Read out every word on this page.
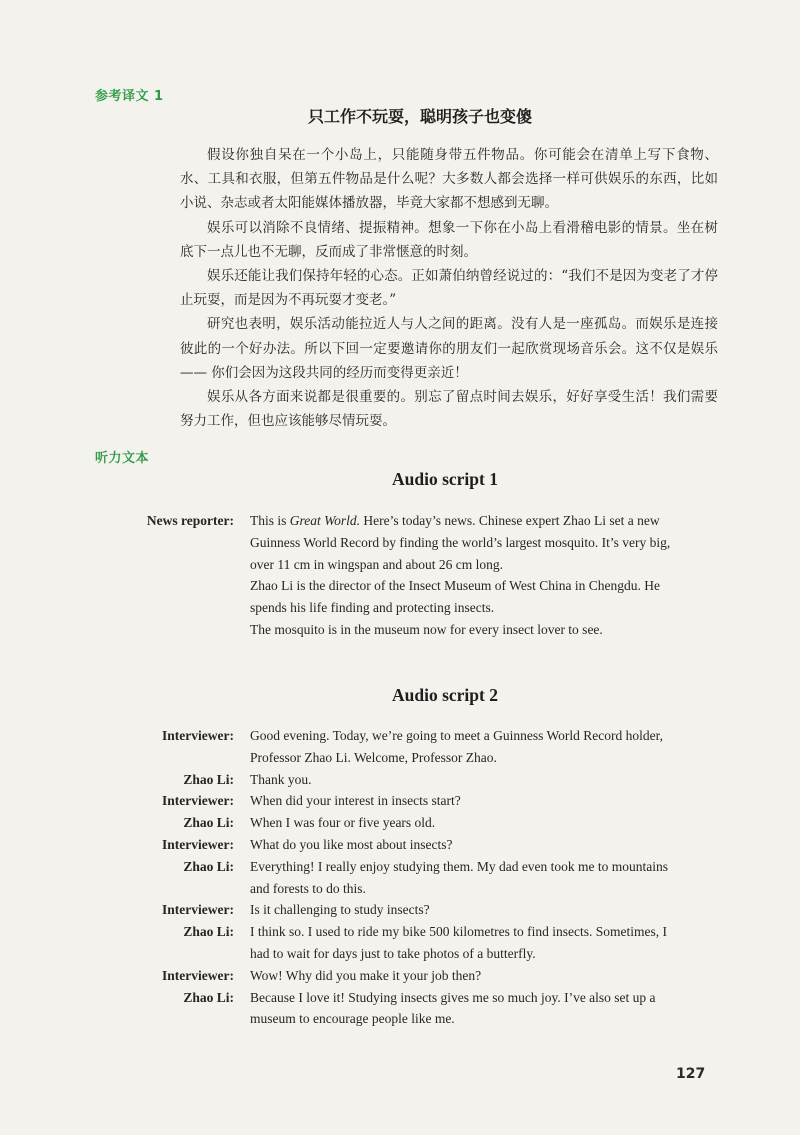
参考译文 1
只工作不玩耍，聪明孩子也变傻

假设你独自呆在一个小岛上，只能随身带五件物品。你可能会在清单上写下食物、水、工具和衣服，但第五件物品是什么呢？大多数人都会选择一样可供娱乐的东西，比如小说、杂志或者太阳能媒体播放器，毕竟大家都不想感到无聊。

娱乐可以消除不良情绪、提振精神。想象一下你在小岛上看滑稽电影的情景。坐在树底下一点儿也不无聊，反而成了非常惬意的时刻。

娱乐还能让我们保持年轻的心态。正如萧伯纳曾经说过的：“我们不是因为变老了才停止玩耍，而是因为不再玩耍才变老。”

研究也表明，娱乐活动能拉近人与人之间的距离。没有人是一座孤岛。而娱乐是连接彼此的一个好办法。所以下回一定要邀请你的朋友们一起欣赏现场音乐会。这不仅是娱乐 —— 你们会因为这段共同的经历而变得更亲近！

娱乐从各方面来说都是很重要的。别忘了留点时间去娱乐，好好享受生活！我们需要努力工作，但也应该能够尽情玩耍。

听力文本
Audio script 1
News reporter:	This is Great World. Here’s today’s news. Chinese expert Zhao Li set a new
Guinness World Record by finding the world’s largest mosquito. It’s very big,
over 11 cm in wingspan and about 26 cm long.
Zhao Li is the director of the Insect Museum of West China in Chengdu. He
spends his life finding and protecting insects.
The mosquito is in the museum now for every insect lover to see.
Audio script 2
Interviewer:	Good evening. Today, we’re going to meet a Guinness World Record holder,
Professor Zhao Li. Welcome, Professor Zhao.
Zhao Li:	Thank you.
Interviewer:	When did your interest in insects start?
Zhao Li:	When I was four or five years old.
Interviewer:	What do you like most about insects?
Zhao Li:	Everything! I really enjoy studying them. My dad even took me to mountains
and forests to do this.
Interviewer:	Is it challenging to study insects?
Zhao Li:	I think so. I used to ride my bike 500 kilometres to find insects. Sometimes, I
had to wait for days just to take photos of a butterfly.
Interviewer:	Wow! Why did you make it your job then?
Zhao Li:	Because I love it! Studying insects gives me so much joy. I’ve also set up a
museum to encourage people like me.
127
